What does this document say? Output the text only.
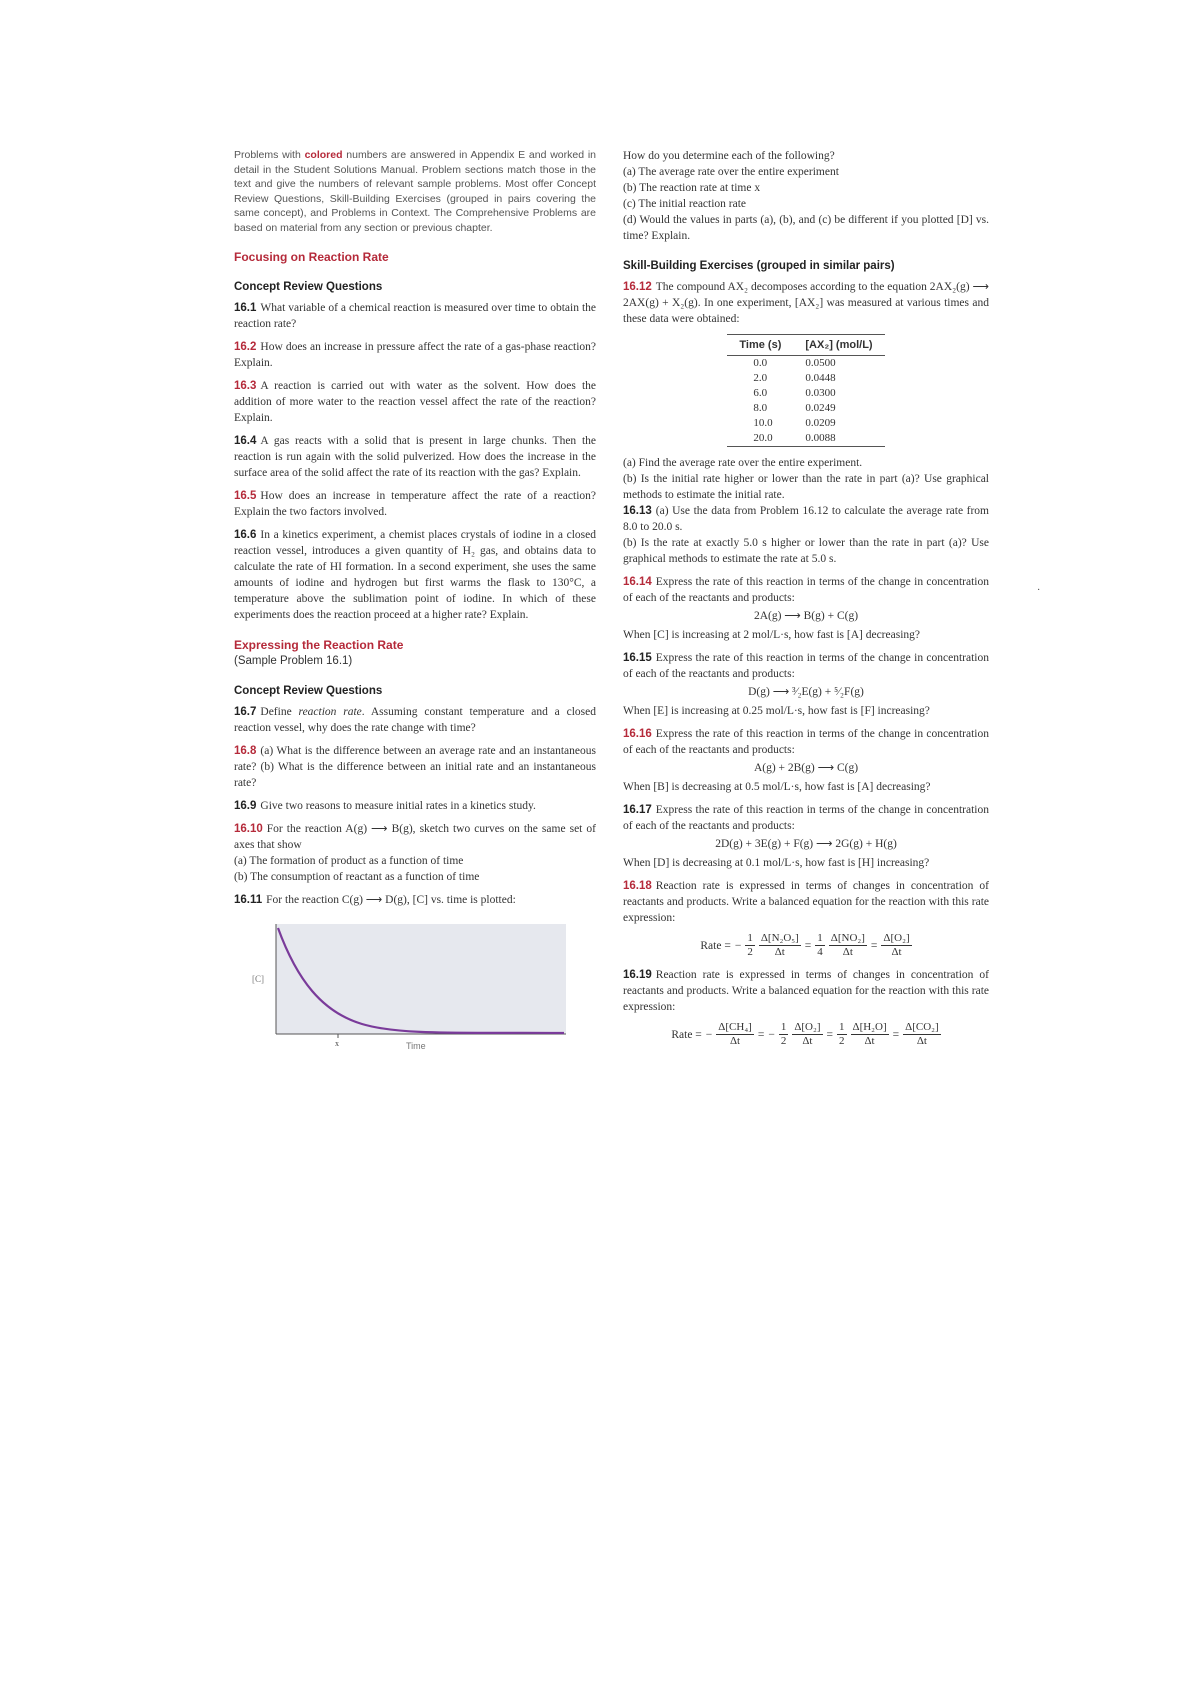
Problems with colored numbers are answered in Appendix E and worked in detail in the Student Solutions Manual. Problem sections match those in the text and give the numbers of relevant sample problems. Most offer Concept Review Questions, Skill-Building Exercises (grouped in pairs covering the same concept), and Problems in Context. The Comprehensive Problems are based on material from any section or previous chapter.

Focusing on Reaction Rate
Concept Review Questions

16.1 What variable of a chemical reaction is measured over time to obtain the reaction rate?

16.2 How does an increase in pressure affect the rate of a gas-phase reaction? Explain.

16.3 A reaction is carried out with water as the solvent. How does the addition of more water to the reaction vessel affect the rate of the reaction? Explain.

16.4 A gas reacts with a solid that is present in large chunks. Then the reaction is run again with the solid pulverized. How does the increase in the surface area of the solid affect the rate of its reaction with the gas? Explain.

16.5 How does an increase in temperature affect the rate of a reaction? Explain the two factors involved.

16.6 In a kinetics experiment, a chemist places crystals of iodine in a closed reaction vessel, introduces a given quantity of H₂ gas, and obtains data to calculate the rate of HI formation. In a second experiment, she uses the same amounts of iodine and hydrogen but first warms the flask to 130°C, a temperature above the sublimation point of iodine. In which of these experiments does the reaction proceed at a higher rate? Explain.

Expressing the Reaction Rate
(Sample Problem 16.1)
Concept Review Questions

16.7 Define reaction rate. Assuming constant temperature and a closed reaction vessel, why does the rate change with time?

16.8 (a) What is the difference between an average rate and an instantaneous rate? (b) What is the difference between an initial rate and an instantaneous rate?

16.9 Give two reasons to measure initial rates in a kinetics study.

16.10 For the reaction A(g) ⟶ B(g), sketch two curves on the same set of axes that show

(a) The formation of product as a function of time

(b) The consumption of reactant as a function of time

16.11 For the reaction C(g) ⟶ D(g), [C] vs. time is plotted:

x
[C]
Time

How do you determine each of the following?

(a) The average rate over the entire experiment

(b) The reaction rate at time x

(c) The initial reaction rate

(d) Would the values in parts (a), (b), and (c) be different if you plotted [D] vs. time? Explain.

Skill-Building Exercises (grouped in similar pairs)

16.12 The compound AX₂ decomposes according to the equation 2AX₂(g) ⟶ 2AX(g) + X₂(g). In one experiment, [AX₂] was measured at various times and these data were obtained:

Time (s)	[AX₂] (mol/L)
0.0	0.0500
2.0	0.0448
6.0	0.0300
8.0	0.0249
10.0	0.0209
20.0	0.0088

(a) Find the average rate over the entire experiment.

(b) Is the initial rate higher or lower than the rate in part (a)? Use graphical methods to estimate the initial rate.

16.13 (a) Use the data from Problem 16.12 to calculate the average rate from 8.0 to 20.0 s.

(b) Is the rate at exactly 5.0 s higher or lower than the rate in part (a)? Use graphical methods to estimate the rate at 5.0 s.

16.14 Express the rate of this reaction in terms of the change in concentration of each of the reactants and products:
2A(g) ⟶ B(g) + C(g)

When [C] is increasing at 2 mol/L·s, how fast is [A] decreasing?

16.15 Express the rate of this reaction in terms of the change in concentration of each of the reactants and products:
D(g) ⟶ ³⁄₂E(g) + ⁵⁄₂F(g)

When [E] is increasing at 0.25 mol/L·s, how fast is [F] increasing?

16.16 Express the rate of this reaction in terms of the change in concentration of each of the reactants and products:
A(g) + 2B(g) ⟶ C(g)

When [B] is decreasing at 0.5 mol/L·s, how fast is [A] decreasing?

16.17 Express the rate of this reaction in terms of the change in concentration of each of the reactants and products:
2D(g) + 3E(g) + F(g) ⟶ 2G(g) + H(g)

When [D] is decreasing at 0.1 mol/L·s, how fast is [H] increasing?

16.18 Reaction rate is expressed in terms of changes in concentration of reactants and products. Write a balanced equation for the reaction with this rate expression:
Rate = − $\frac{1}{2} \frac{\text{Δ[N₂O₅]}}{\Delta t} = \frac{1}{4} \frac{\text{Δ[NO₂]}}{\Delta t} = \frac{\text{Δ[O₂]}}{\Delta t}$
16.19 Reaction rate is expressed in terms of changes in concentration of reactants and products. Write a balanced equation for the reaction with this rate expression:
Rate = − $\frac{\text{Δ[CH₄]}}{\Delta t}$ = − $\frac{1}{2} \frac{\text{Δ[O₂]}}{\Delta t} = \frac{1}{2} \frac{\text{Δ[H₂O]}}{\Delta t} = \frac{\text{Δ[CO₂]}}{\Delta t}$
·
